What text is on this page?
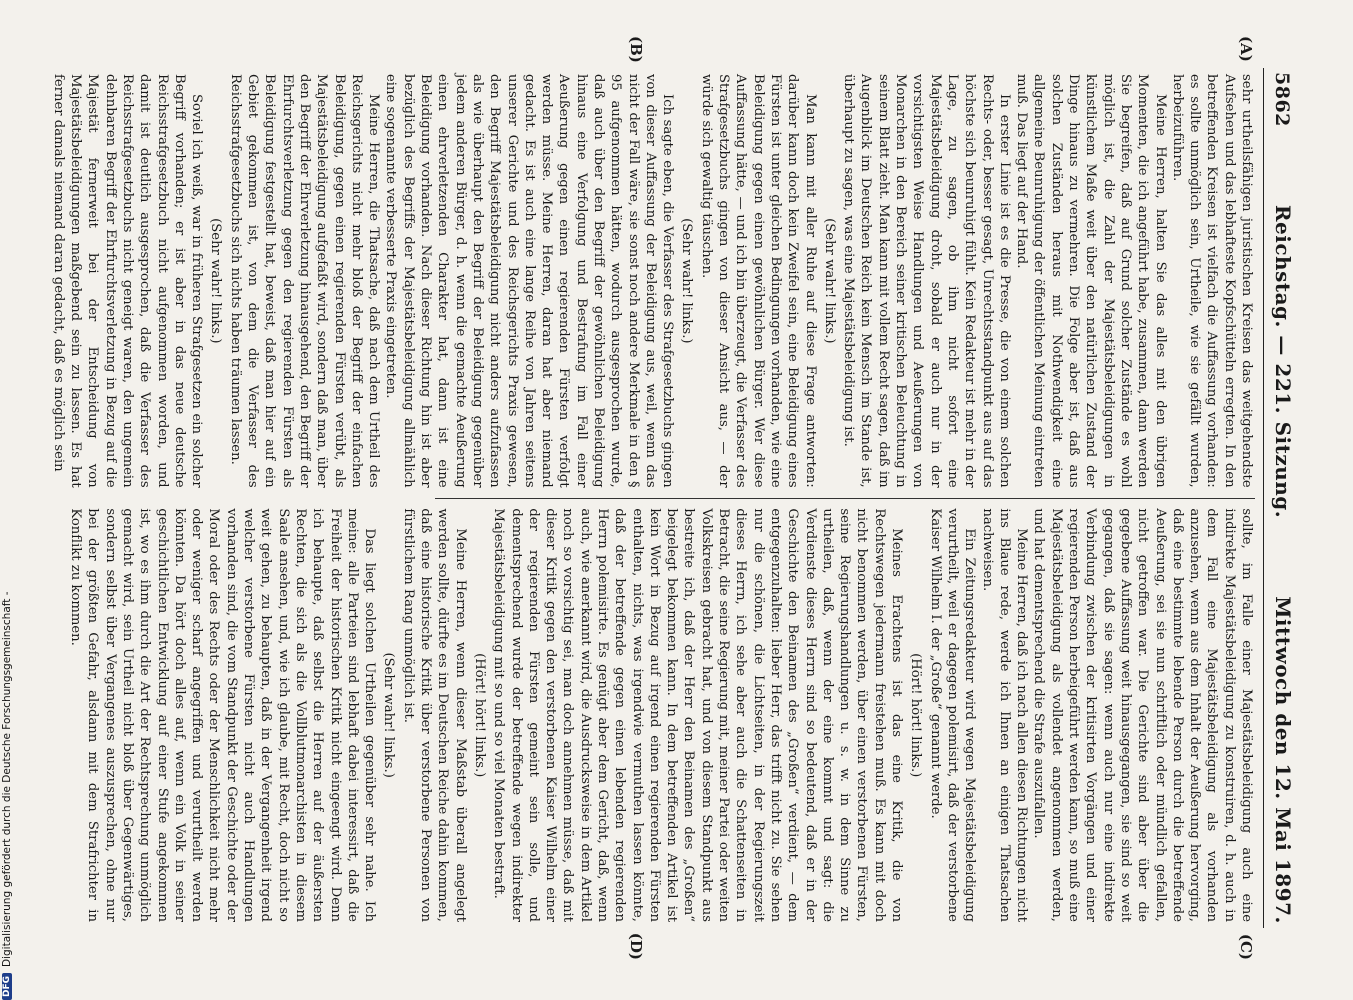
5862
Reichstag. — 221. Sitzung.
Mittwoch den 12. Mai 1897.
(A)
(B)
(C)
(D)

sehr urtheilsfähigen juristischen Kreisen das weitgehendste Aufsehen und das lebhafteste Kopfschütteln erregten. In den betreffenden Kreisen ist vielfach die Auffassung vorhanden: es sollte unmöglich sein, Urtheile, wie sie gefällt wurden, herbeizuführen.

Meine Herren, halten Sie das alles mit den übrigen Momenten, die ich angeführt habe, zusammen, dann werden Sie begreifen, daß auf Grund solcher Zustände es wohl möglich ist, die Zahl der Majestätsbeleidigungen in künstlichem Maße weit über den natürlichen Zustand der Dinge hinaus zu vermehren. Die Folge aber ist, daß aus solchen Zuständen heraus mit Nothwendigkeit eine allgemeine Beunruhigung der öffentlichen Meinung eintreten muß. Das liegt auf der Hand.

In erster Linie ist es die Presse, die von einem solchen Rechts- oder, besser gesagt, Unrechtsstandpunkt aus auf das höchste sich beunruhigt fühlt. Kein Redakteur ist mehr in der Lage, zu sagen, ob ihm nicht sofort eine Majestätsbeleidigung droht, sobald er auch nur in der vorsichtigsten Weise Handlungen und Aeußerungen von Monarchen in den Bereich seiner kritischen Beleuchtung in seinem Blatt zieht. Man kann mit vollem Recht sagen, daß im Augenblick im Deutschen Reich kein Mensch im Stande ist, überhaupt zu sagen, was eine Majestätsbeleidigung ist.

(Sehr wahr! links.)

Man kann mit aller Ruhe auf diese Frage antworten: darüber kann doch kein Zweifel sein, eine Beleidigung eines Fürsten ist unter gleichen Bedingungen vorhanden, wie eine Beleidigung gegen einen gewöhnlichen Bürger. Wer diese Auffassung hätte, — und ich bin überzeugt, die Verfasser des Strafgesetzbuchs gingen von dieser Ansicht aus, — der würde sich gewaltig täuschen.

(Sehr wahr! links.)

Ich sagte eben, die Verfasser des Strafgesetzbuchs gingen von dieser Auffassung der Beleidigung aus, weil, wenn das nicht der Fall wäre, sie sonst noch andere Merkmale in den § 95 aufgenommen hätten, wodurch ausgesprochen wurde, daß auch über den Begriff der gewöhnlichen Beleidigung hinaus eine Verfolgung und Bestrafung im Fall einer Aeußerung gegen einen regierenden Fürsten verfolgt werden müsse. Meine Herren, daran hat aber niemand gedacht. Es ist auch eine lange Reihe von Jahren seitens unserer Gerichte und des Reichsgerichts Praxis gewesen, den Begriff Majestätsbeleidigung nicht anders aufzufassen als wie überhaupt den Begriff der Beleidigung gegenüber jedem anderen Bürger, d. h. wenn die gemachte Aeußerung einen ehrverletzenden Charakter hat, dann ist eine Beleidigung vorhanden. Nach dieser Richtung hin ist aber bezüglich des Begriffs der Majestätsbeleidigung allmählich eine sogenannte verbesserte Praxis eingetreten.

Meine Herren, die Thatsache, daß nach dem Urtheil des Reichsgerichts nicht mehr bloß der Begriff der einfachen Beleidigung, gegen einen regierenden Fürsten verübt, als Majestätsbeleidigung aufgefaßt wird, sondern daß man, über den Begriff der Ehrverletzung hinausgehend, den Begriff der Ehrfurchtsverletzung gegen den regierenden Fürsten als Beleidigung festgestellt hat, beweist, daß man hier auf ein Gebiet gekommen ist, von dem die Verfasser des Reichsstrafgesetzbuchs sich nichts haben träumen lassen.

(Sehr wahr! links.)

Soviel ich weiß, war in früheren Strafgesetzen ein solcher Begriff vorhanden; er ist aber in das neue deutsche Reichsstrafgesetzbuch nicht aufgenommen worden, und damit ist deutlich ausgesprochen, daß die Verfasser des Reichsstrafgesetzbuchs nicht geneigt waren, den ungemein dehnbaren Begriff der Ehrfurchtsverletzung in Bezug auf die Majestät fernerweit bei der Entscheidung von Majestätsbeleidigungen maßgebend sein zu lassen. Es hat ferner damals niemand daran gedacht, daß es möglich sein

sollte, im Falle einer Majestätsbeleidigung auch eine indirekte Majestätsbeleidigung zu konstruiren, d. h. auch in dem Fall eine Majestätsbeleidigung als vorhanden anzusehen, wenn aus dem Inhalt der Aeußerung hervorging, daß eine bestimmte lebende Person durch die betreffende Aeußerung, sei sie nun schriftlich oder mündlich gefallen, nicht getroffen war. Die Gerichte sind aber über die gegebene Auffassung weit hinausgegangen, sie sind so weit gegangen, daß sie sagen: wenn auch nur eine indirekte Verbindung zwischen der kritisirten Vorgängen und einer regierenden Person herbeigeführt werden kann, so muß eine Majestätsbeleidigung als vollendet angenommen werden, und hat dementsprechend die Strafe auszufallen.

Meine Herren, daß ich nach allen diesen Richtungen nicht ins Blaue rede, werde ich Ihnen an einigen Thatsachen nachweisen.

Ein Zeitungsredakteur wird wegen Majestätsbeleidigung verurtheilt, weil er dagegen polemisirt, daß der verstorbene Kaiser Wilhelm I. der „Große“ genannt werde.

(Hört! hört! links.)

Meines Erachtens ist das eine Kritik, die von Rechtswegen jedermann freistehen muß. Es kann mit doch nicht benommen werden, über einen verstorbenen Fürsten, seine Regierungshandlungen u. s. w. in dem Sinne zu urtheilen, daß, wenn der eine kommt und sagt: die Verdienste dieses Herrn sind so bedeutend, daß er in der Geschichte den Beinamen des „Großen“ verdient, — dem entgegenzuhalten: lieber Herr, das trifft nicht zu. Sie sehen nur die schönen, die Lichtseiten, in der Regierungszeit dieses Herrn, ich sehe aber auch die Schattenseiten in Betracht, die seine Regierung mit, meiner Partei oder weiten Volkskreisen gebracht hat, und von diesem Standpunkt aus bestreite ich, daß der Herr den Beinamen des „Großen“ beigelegt bekommen kann. In dem betreffenden Artikel ist kein Wort in Bezug auf irgend einen regierenden Fürsten enthalten, nichts, was irgendwie vermuthen lassen könnte, daß der betreffende gegen einen lebenden regierenden Herrn polemisirte. Es genügt aber dem Gericht, daß, wenn auch, wie anerkannt wird, die Ausdrucksweise in dem Artikel noch so vorsichtig sei, man doch annehmen müsse, daß mit dieser Kritik gegen den verstorbenen Kaiser Wilhelm einer der regierenden Fürsten gemeint sein solle, und dementsprechend wurde der betreffende wegen indirekter Majestätsbeleidigung mit so und so viel Monaten bestraft.

(Hört! hört! links.)

Meine Herren, wenn dieser Maßstab überall angelegt werden sollte, dürfte es im Deutschen Reiche dahin kommen, daß eine historische Kritik über verstorbene Personen von fürstlichem Rang unmöglich ist.

(Sehr wahr! links.)

Das liegt solchen Urtheilen gegenüber sehr nahe. Ich meine: alle Parteien sind lebhaft dabei interessirt, daß die Freiheit der historischen Kritik nicht eingeengt wird. Denn ich behaupte, daß selbst die Herren auf der äußersten Rechten, die sich als die Vollblutmonarchisten in diesem Saale ansehen, und, wie ich glaube, mit Recht, doch nicht so weit gehen, zu behaupten, daß in der Vergangenheit irgend welcher verstorbene Fürsten nicht auch Handlungen vorhanden sind, die vom Standpunkt der Geschichte oder der Moral oder des Rechts oder der Menschlichkeit nicht mehr oder weniger scharf angegriffen und verurtheilt werden könnten. Da hört doch alles auf, wenn ein Volk in seiner geschichtlichen Entwicklung auf einer Stufe angekommen ist, wo es ihm durch die Art der Rechtsprechung unmöglich gemacht wird, sein Urtheil nicht bloß über Gegenwärtiges, sondern selbst über Vergangenes auszusprechen, ohne nur bei der größten Gefahr, alsdann mit dem Strafrichter in Konflikt zu kommen.

DFG
Digitalisierung gefördert durch die Deutsche Forschungsgemeinschaft -
